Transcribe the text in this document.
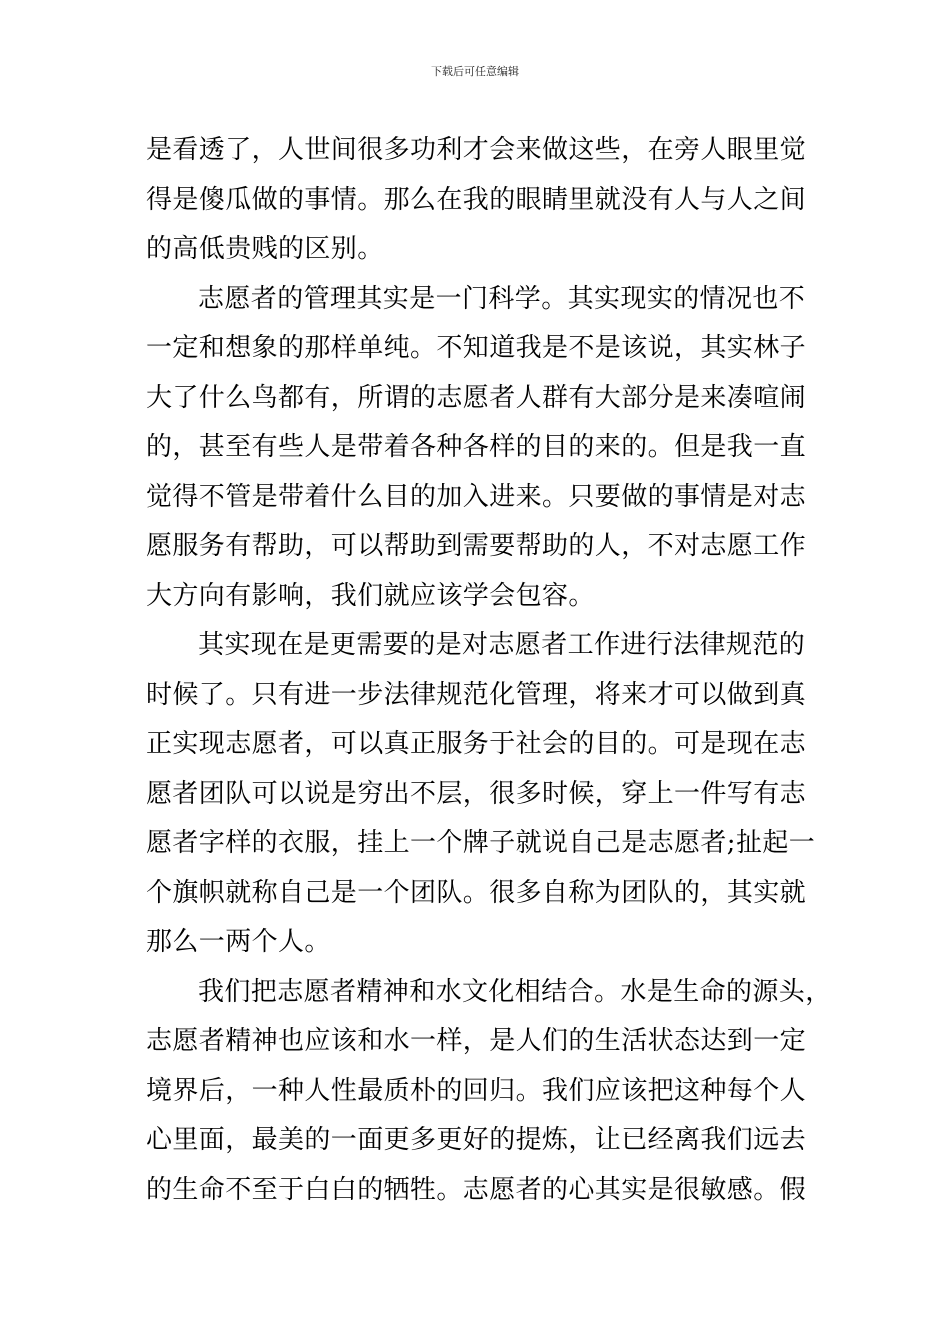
下载后可任意编辑
是看透了，人世间很多功利才会来做这些，在旁人眼里觉
得是傻瓜做的事情。那么在我的眼睛里就没有人与人之间
的高低贵贱的区别。
志愿者的管理其实是一门科学。其实现实的情况也不
一定和想象的那样单纯。不知道我是不是该说，其实林子
大了什么鸟都有，所谓的志愿者人群有大部分是来凑喧闹
的，甚至有些人是带着各种各样的目的来的。但是我一直
觉得不管是带着什么目的加入进来。只要做的事情是对志
愿服务有帮助，可以帮助到需要帮助的人，不对志愿工作
大方向有影响，我们就应该学会包容。
其实现在是更需要的是对志愿者工作进行法律规范的
时候了。只有进一步法律规范化管理，将来才可以做到真
正实现志愿者，可以真正服务于社会的目的。可是现在志
愿者团队可以说是穷出不层，很多时候，穿上一件写有志
愿者字样的衣服，挂上一个牌子就说自己是志愿者;扯起一
个旗帜就称自己是一个团队。很多自称为团队的，其实就
那么一两个人。
我们把志愿者精神和水文化相结合。水是生命的源头，
志愿者精神也应该和水一样，是人们的生活状态达到一定
境界后，一种人性最质朴的回归。我们应该把这种每个人
心里面，最美的一面更多更好的提炼，让已经离我们远去
的生命不至于白白的牺牲。志愿者的心其实是很敏感。假
